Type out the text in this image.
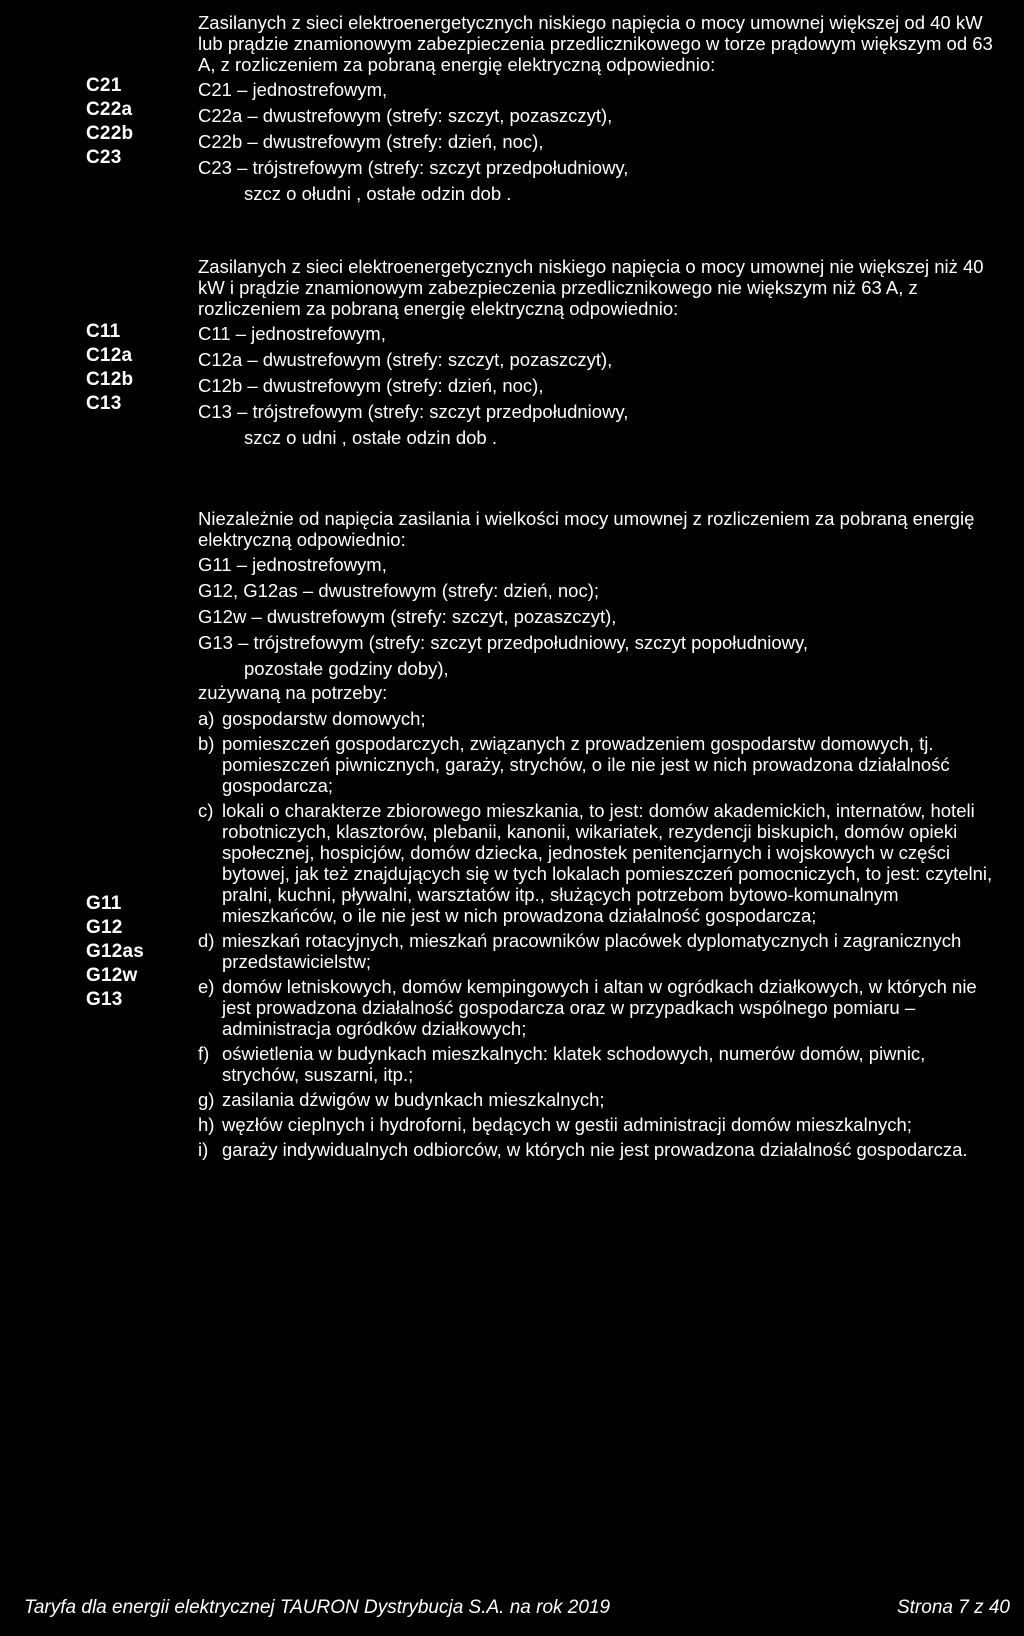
C21
C22a
C22b
C23
Zasilanych z sieci elektroenergetycznych niskiego napięcia o mocy umownej większej od 40 kW lub prądzie znamionowym zabezpieczenia przedlicznikowego w torze prądowym większym od 63 A, z rozliczeniem za pobraną energię elektryczną odpowiednio:
C21 – jednostrefowym,
C22a – dwustrefowym (strefy: szczyt, pozaszczyt),
C22b – dwustrefowym (strefy: dzień, noc),
C23 – trójstrefowym (strefy: szczyt przedpołudniowy,
szcz o ołudni , ostałe odzin dob .
C11
C12a
C12b
C13
Zasilanych z sieci elektroenergetycznych niskiego napięcia o mocy umownej nie większej niż 40 kW i prądzie znamionowym zabezpieczenia przedlicznikowego nie większym niż 63 A, z rozliczeniem za pobraną energię elektryczną odpowiednio:
C11 – jednostrefowym,
C12a – dwustrefowym (strefy: szczyt, pozaszczyt),
C12b – dwustrefowym (strefy: dzień, noc),
C13 – trójstrefowym (strefy: szczyt przedpołudniowy,
szcz o udni , ostałe odzin dob .
G11
G12
G12as
G12w
G13
Niezależnie od napięcia zasilania i wielkości mocy umownej z rozliczeniem za pobraną energię elektryczną odpowiednio:
G11 – jednostrefowym,
G12, G12as – dwustrefowym (strefy: dzień, noc);
G12w – dwustrefowym (strefy: szczyt, pozaszczyt),
G13 – trójstrefowym (strefy: szczyt przedpołudniowy, szczyt popołudniowy,
pozostałe godziny doby),
zużywaną na potrzeby:
a) gospodarstw domowych;
b) pomieszczeń gospodarczych, związanych z prowadzeniem gospodarstw domowych, tj. pomieszczeń piwnicznych, garaży, strychów, o ile nie jest w nich prowadzona działalność gospodarcza;
c) lokali o charakterze zbiorowego mieszkania, to jest: domów akademickich, internatów, hoteli robotniczych, klasztorów, plebanii, kanonii, wikariatek, rezydencji biskupich, domów opieki społecznej, hospicjów, domów dziecka, jednostek penitencjarnych i wojskowych w części bytowej, jak też znajdujących się w tych lokalach pomieszczeń pomocniczych, to jest: czytelni, pralni, kuchni, pływalni, warsztatów itp., służących potrzebom bytowo-komunalnym mieszkańców, o ile nie jest w nich prowadzona działalność gospodarcza;
d) mieszkań rotacyjnych, mieszkań pracowników placówek dyplomatycznych i zagranicznych przedstawicielstw;
e) domów letniskowych, domów kempingowych i altan w ogródkach działkowych, w których nie jest prowadzona działalność gospodarcza oraz w przypadkach wspólnego pomiaru – administracja ogródków działkowych;
f) oświetlenia w budynkach mieszkalnych: klatek schodowych, numerów domów, piwnic, strychów, suszarni, itp.;
g) zasilania dźwigów w budynkach mieszkalnych;
h) węzłów cieplnych i hydroforni, będących w gestii administracji domów mieszkalnych;
i) garaży indywidualnych odbiorców, w których nie jest prowadzona działalność gospodarcza.
Taryfa dla energii elektrycznej TAURON Dystrybucja S.A. na rok 2019	Strona 7 z 40
